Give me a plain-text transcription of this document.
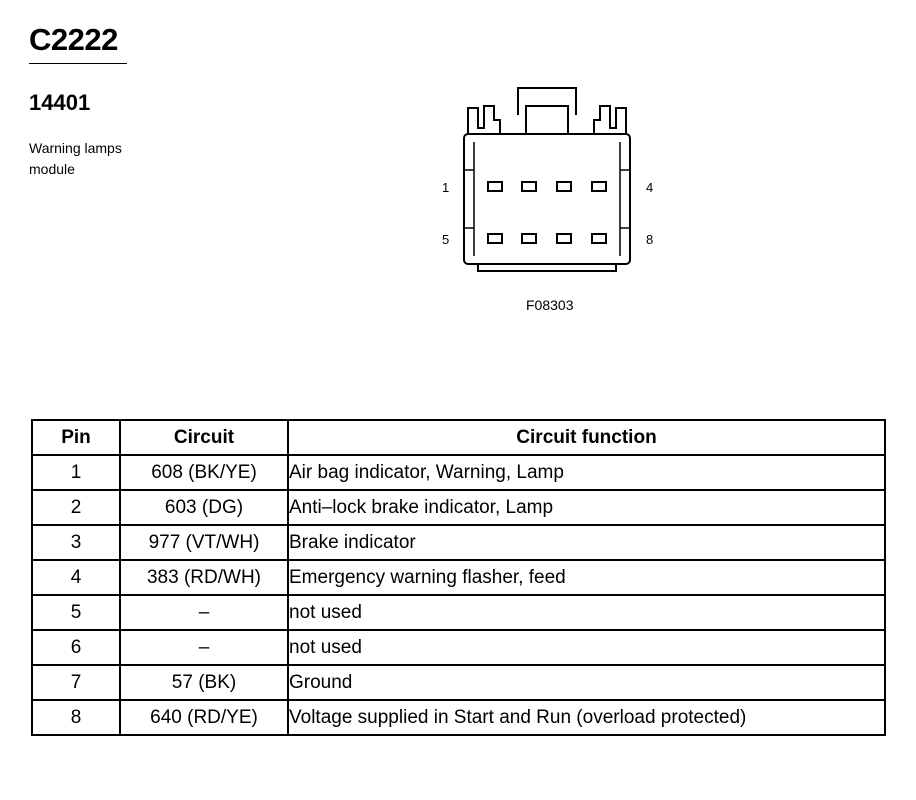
C2222
14401
Warning lamps
module
1	4
5	8
F08303
Pin	Circuit	Circuit function
1	608 (BK/YE)	Air bag indicator, Warning, Lamp
2	603 (DG)	Anti–lock brake indicator, Lamp
3	977 (VT/WH)	Brake indicator
4	383 (RD/WH)	Emergency warning flasher, feed
5	–	not used
6	–	not used
7	57 (BK)	Ground
8	640 (RD/YE)	Voltage supplied in Start and Run (overload protected)
